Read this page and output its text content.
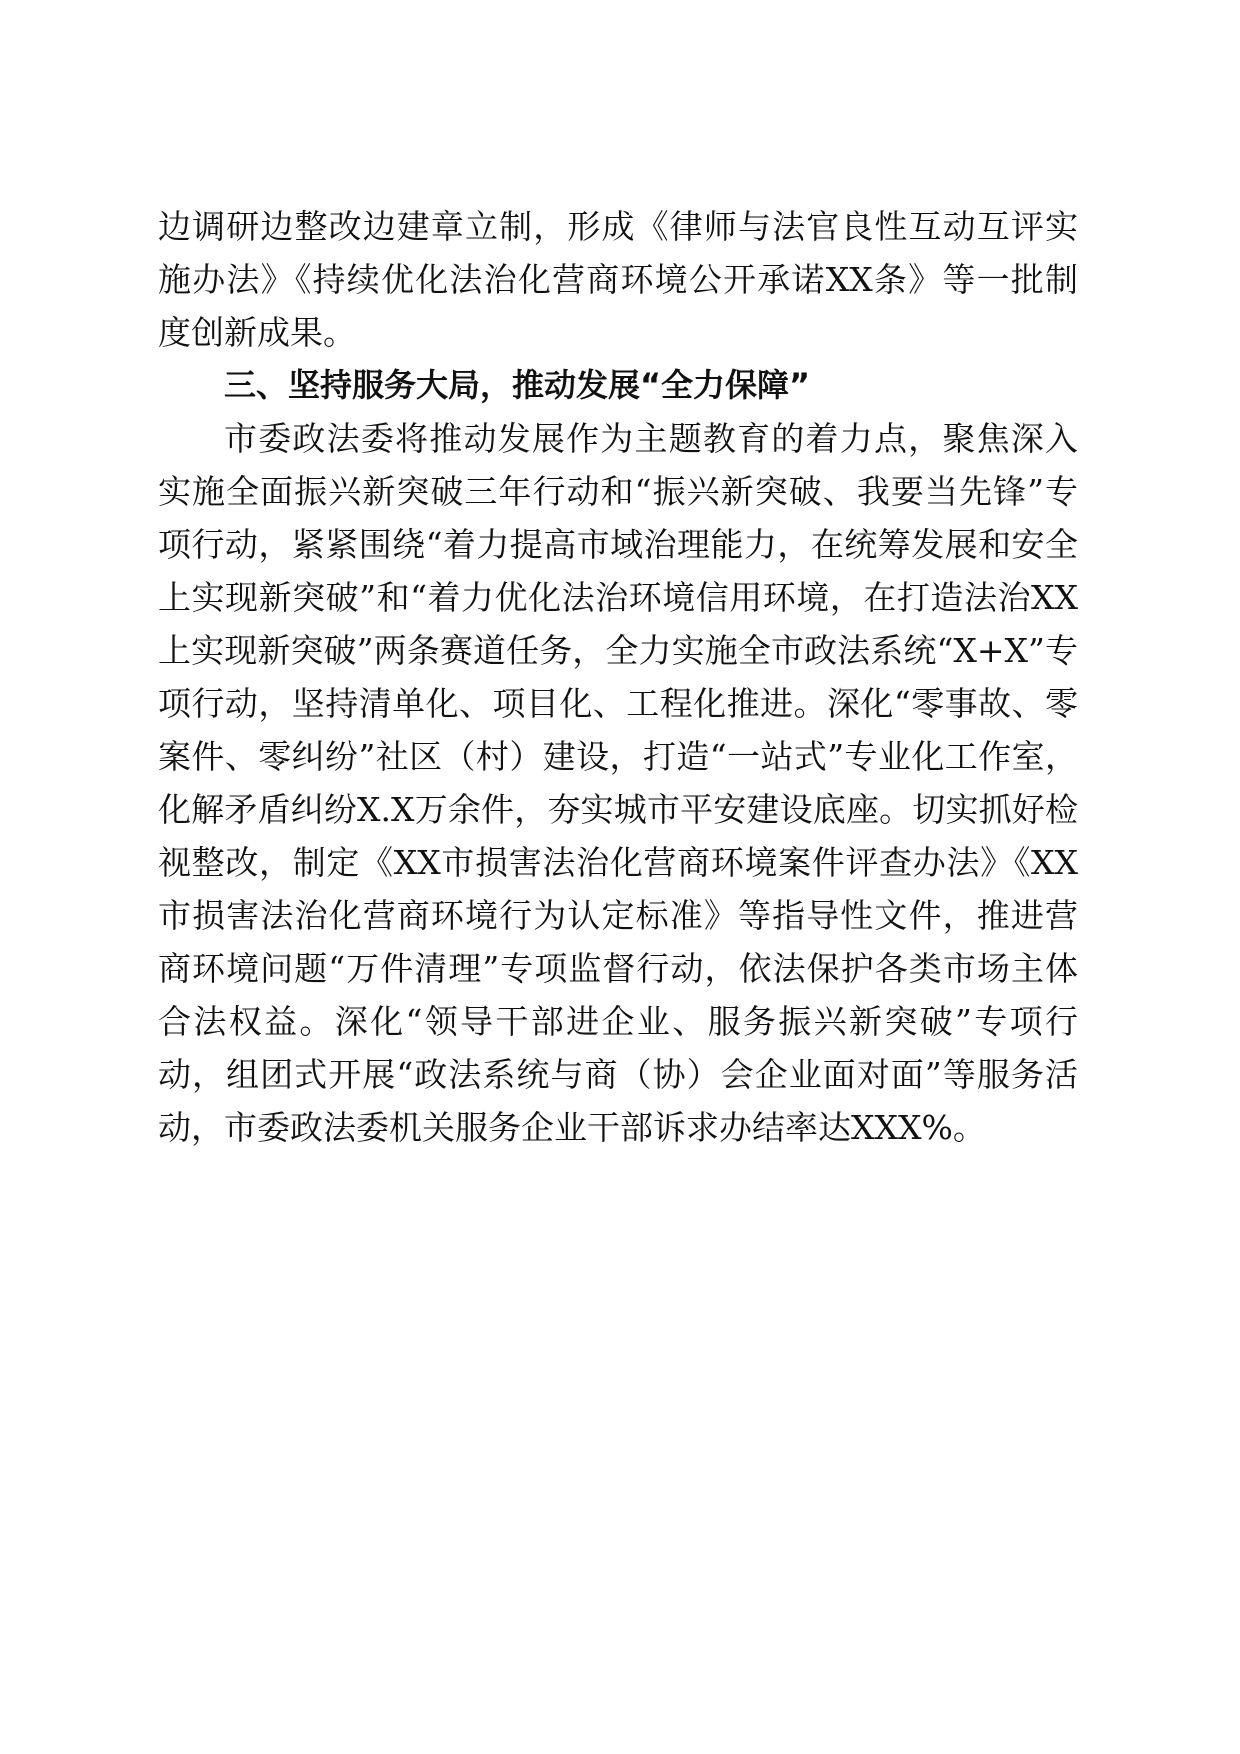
边调研边整改边建章立制，形成《律师与法官良性互动互评实施办法》《持续优化法治化营商环境公开承诺XX条》等一批制度创新成果。

三、坚持服务大局，推动发展“全力保障”

市委政法委将推动发展作为主题教育的着力点，聚焦深入实施全面振兴新突破三年行动和“振兴新突破、我要当先锋”专项行动，紧紧围绕“着力提高市域治理能力，在统筹发展和安全上实现新突破”和“着力优化法治环境信用环境，在打造法治XX上实现新突破”两条赛道任务，全力实施全市政法系统“X+X”专项行动，坚持清单化、项目化、工程化推进。深化“零事故、零案件、零纠纷”社区（村）建设，打造“一站式”专业化工作室，化解矛盾纠纷X.X万余件，夯实城市平安建设底座。切实抓好检视整改，制定《XX市损害法治化营商环境案件评查办法》《XX市损害法治化营商环境行为认定标准》等指导性文件，推进营商环境问题“万件清理”专项监督行动，依法保护各类市场主体合法权益。深化“领导干部进企业、服务振兴新突破”专项行动，组团式开展“政法系统与商（协）会企业面对面”等服务活动，市委政法委机关服务企业干部诉求办结率达XXX%。
